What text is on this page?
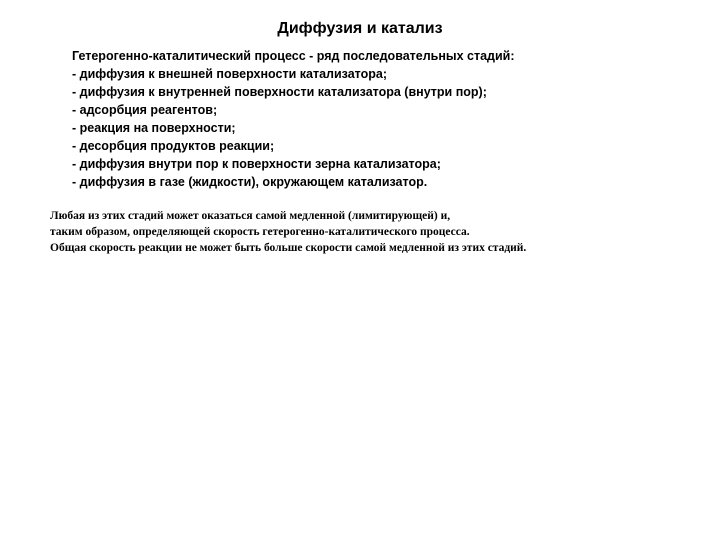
Диффузия и катализ
Гетерогенно-каталитический процесс - ряд последовательных стадий:
- диффузия к внешней поверхности катализатора;
- диффузия к внутренней поверхности катализатора (внутри пор);
- адсорбция реагентов;
- реакция на поверхности;
- десорбция продуктов реакции;
- диффузия внутри пор к поверхности зерна катализатора;
- диффузия в газе (жидкости), окружающем катализатор.

Любая из этих стадий может оказаться самой медленной (лимитирующей) и,
таким образом, определяющей скорость гетерогенно-каталитического процесса.
Общая скорость реакции не может быть больше скорости самой медленной из этих стадий.
